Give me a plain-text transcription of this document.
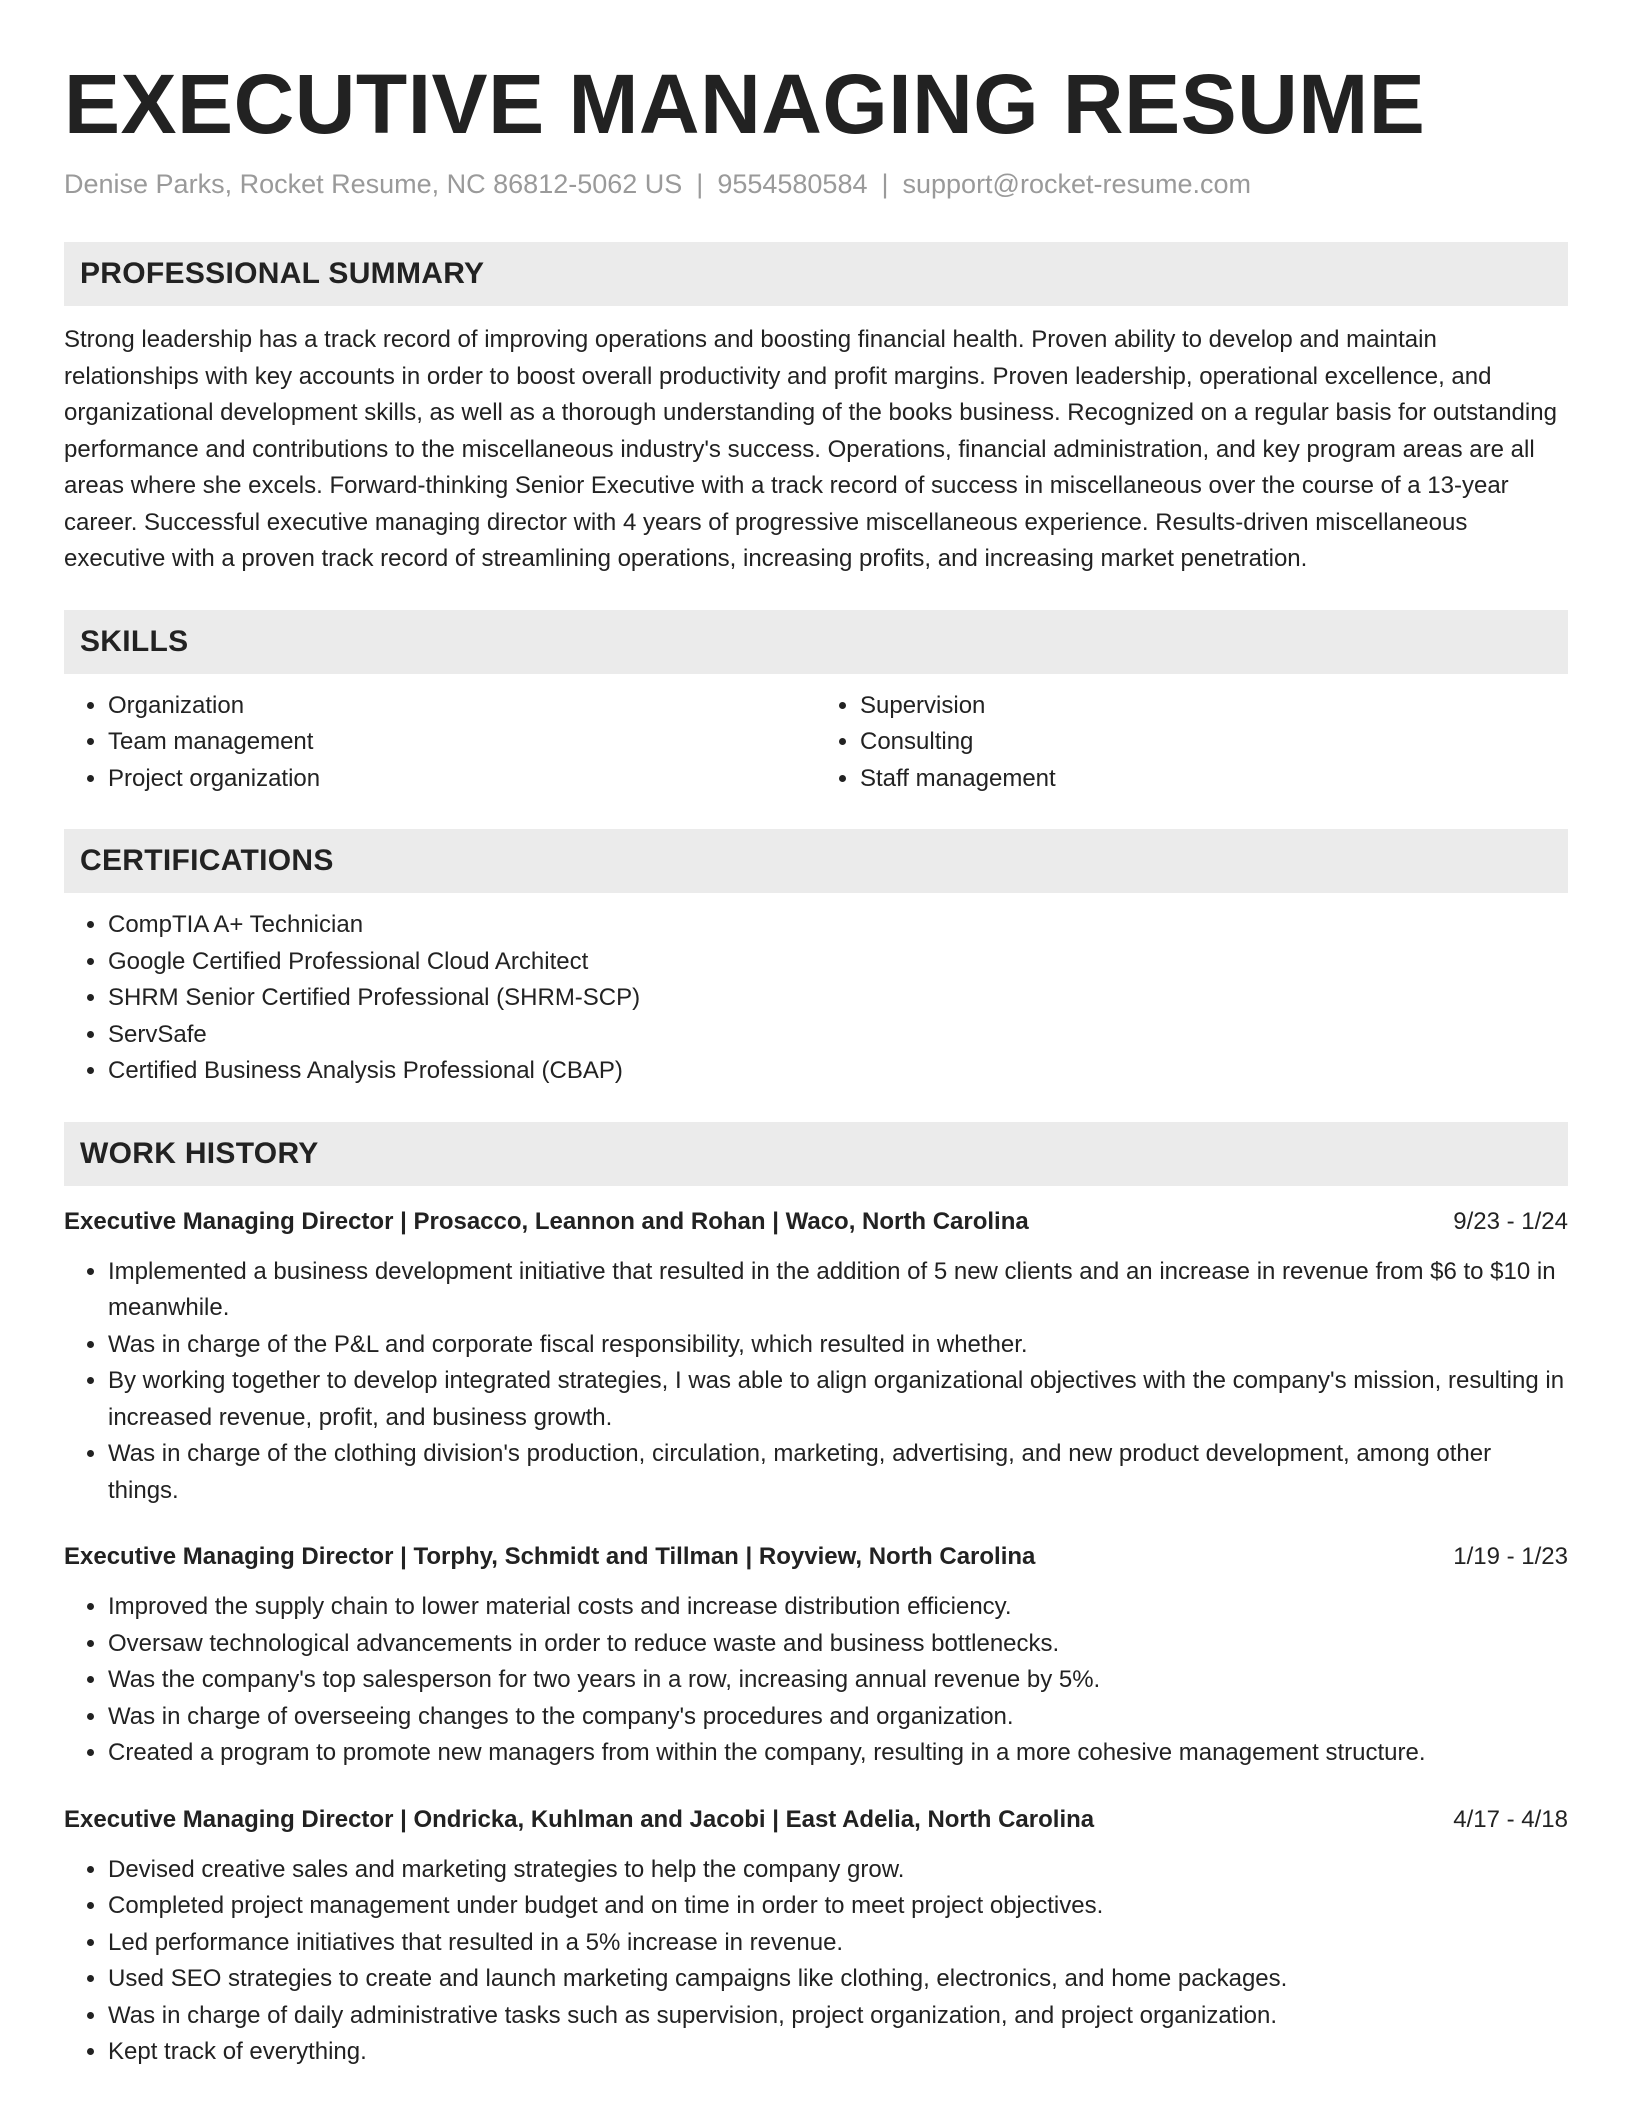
EXECUTIVE MANAGING RESUME
Denise Parks, Rocket Resume, NC 86812-5062 US | 9554580584 | support@rocket-resume.com
PROFESSIONAL SUMMARY

Strong leadership has a track record of improving operations and boosting financial health. Proven ability to develop and maintain relationships with key accounts in order to boost overall productivity and profit margins. Proven leadership, operational excellence, and organizational development skills, as well as a thorough understanding of the books business. Recognized on a regular basis for outstanding performance and contributions to the miscellaneous industry's success. Operations, financial administration, and key program areas are all areas where she excels. Forward-thinking Senior Executive with a track record of success in miscellaneous over the course of a 13-year career. Successful executive managing director with 4 years of progressive miscellaneous experience. Results-driven miscellaneous executive with a proven track record of streamlining operations, increasing profits, and increasing market penetration.

SKILLS
• Organization
• Team management
• Project organization
• Supervision
• Consulting
• Staff management
CERTIFICATIONS
• CompTIA A+ Technician
• Google Certified Professional Cloud Architect
• SHRM Senior Certified Professional (SHRM-SCP)
• ServSafe
• Certified Business Analysis Professional (CBAP)
WORK HISTORY
Executive Managing Director | Prosacco, Leannon and Rohan | Waco, North Carolina	9/23 - 1/24
• Implemented a business development initiative that resulted in the addition of 5 new clients and an increase in revenue from $6 to $10 in meanwhile.
• Was in charge of the P&L and corporate fiscal responsibility, which resulted in whether.
• By working together to develop integrated strategies, I was able to align organizational objectives with the company's mission, resulting in increased revenue, profit, and business growth.
• Was in charge of the clothing division's production, circulation, marketing, advertising, and new product development, among other things.
Executive Managing Director | Torphy, Schmidt and Tillman | Royview, North Carolina	1/19 - 1/23
• Improved the supply chain to lower material costs and increase distribution efficiency.
• Oversaw technological advancements in order to reduce waste and business bottlenecks.
• Was the company's top salesperson for two years in a row, increasing annual revenue by 5%.
• Was in charge of overseeing changes to the company's procedures and organization.
• Created a program to promote new managers from within the company, resulting in a more cohesive management structure.
Executive Managing Director | Ondricka, Kuhlman and Jacobi | East Adelia, North Carolina	4/17 - 4/18
• Devised creative sales and marketing strategies to help the company grow.
• Completed project management under budget and on time in order to meet project objectives.
• Led performance initiatives that resulted in a 5% increase in revenue.
• Used SEO strategies to create and launch marketing campaigns like clothing, electronics, and home packages.
• Was in charge of daily administrative tasks such as supervision, project organization, and project organization.
• Kept track of everything.
